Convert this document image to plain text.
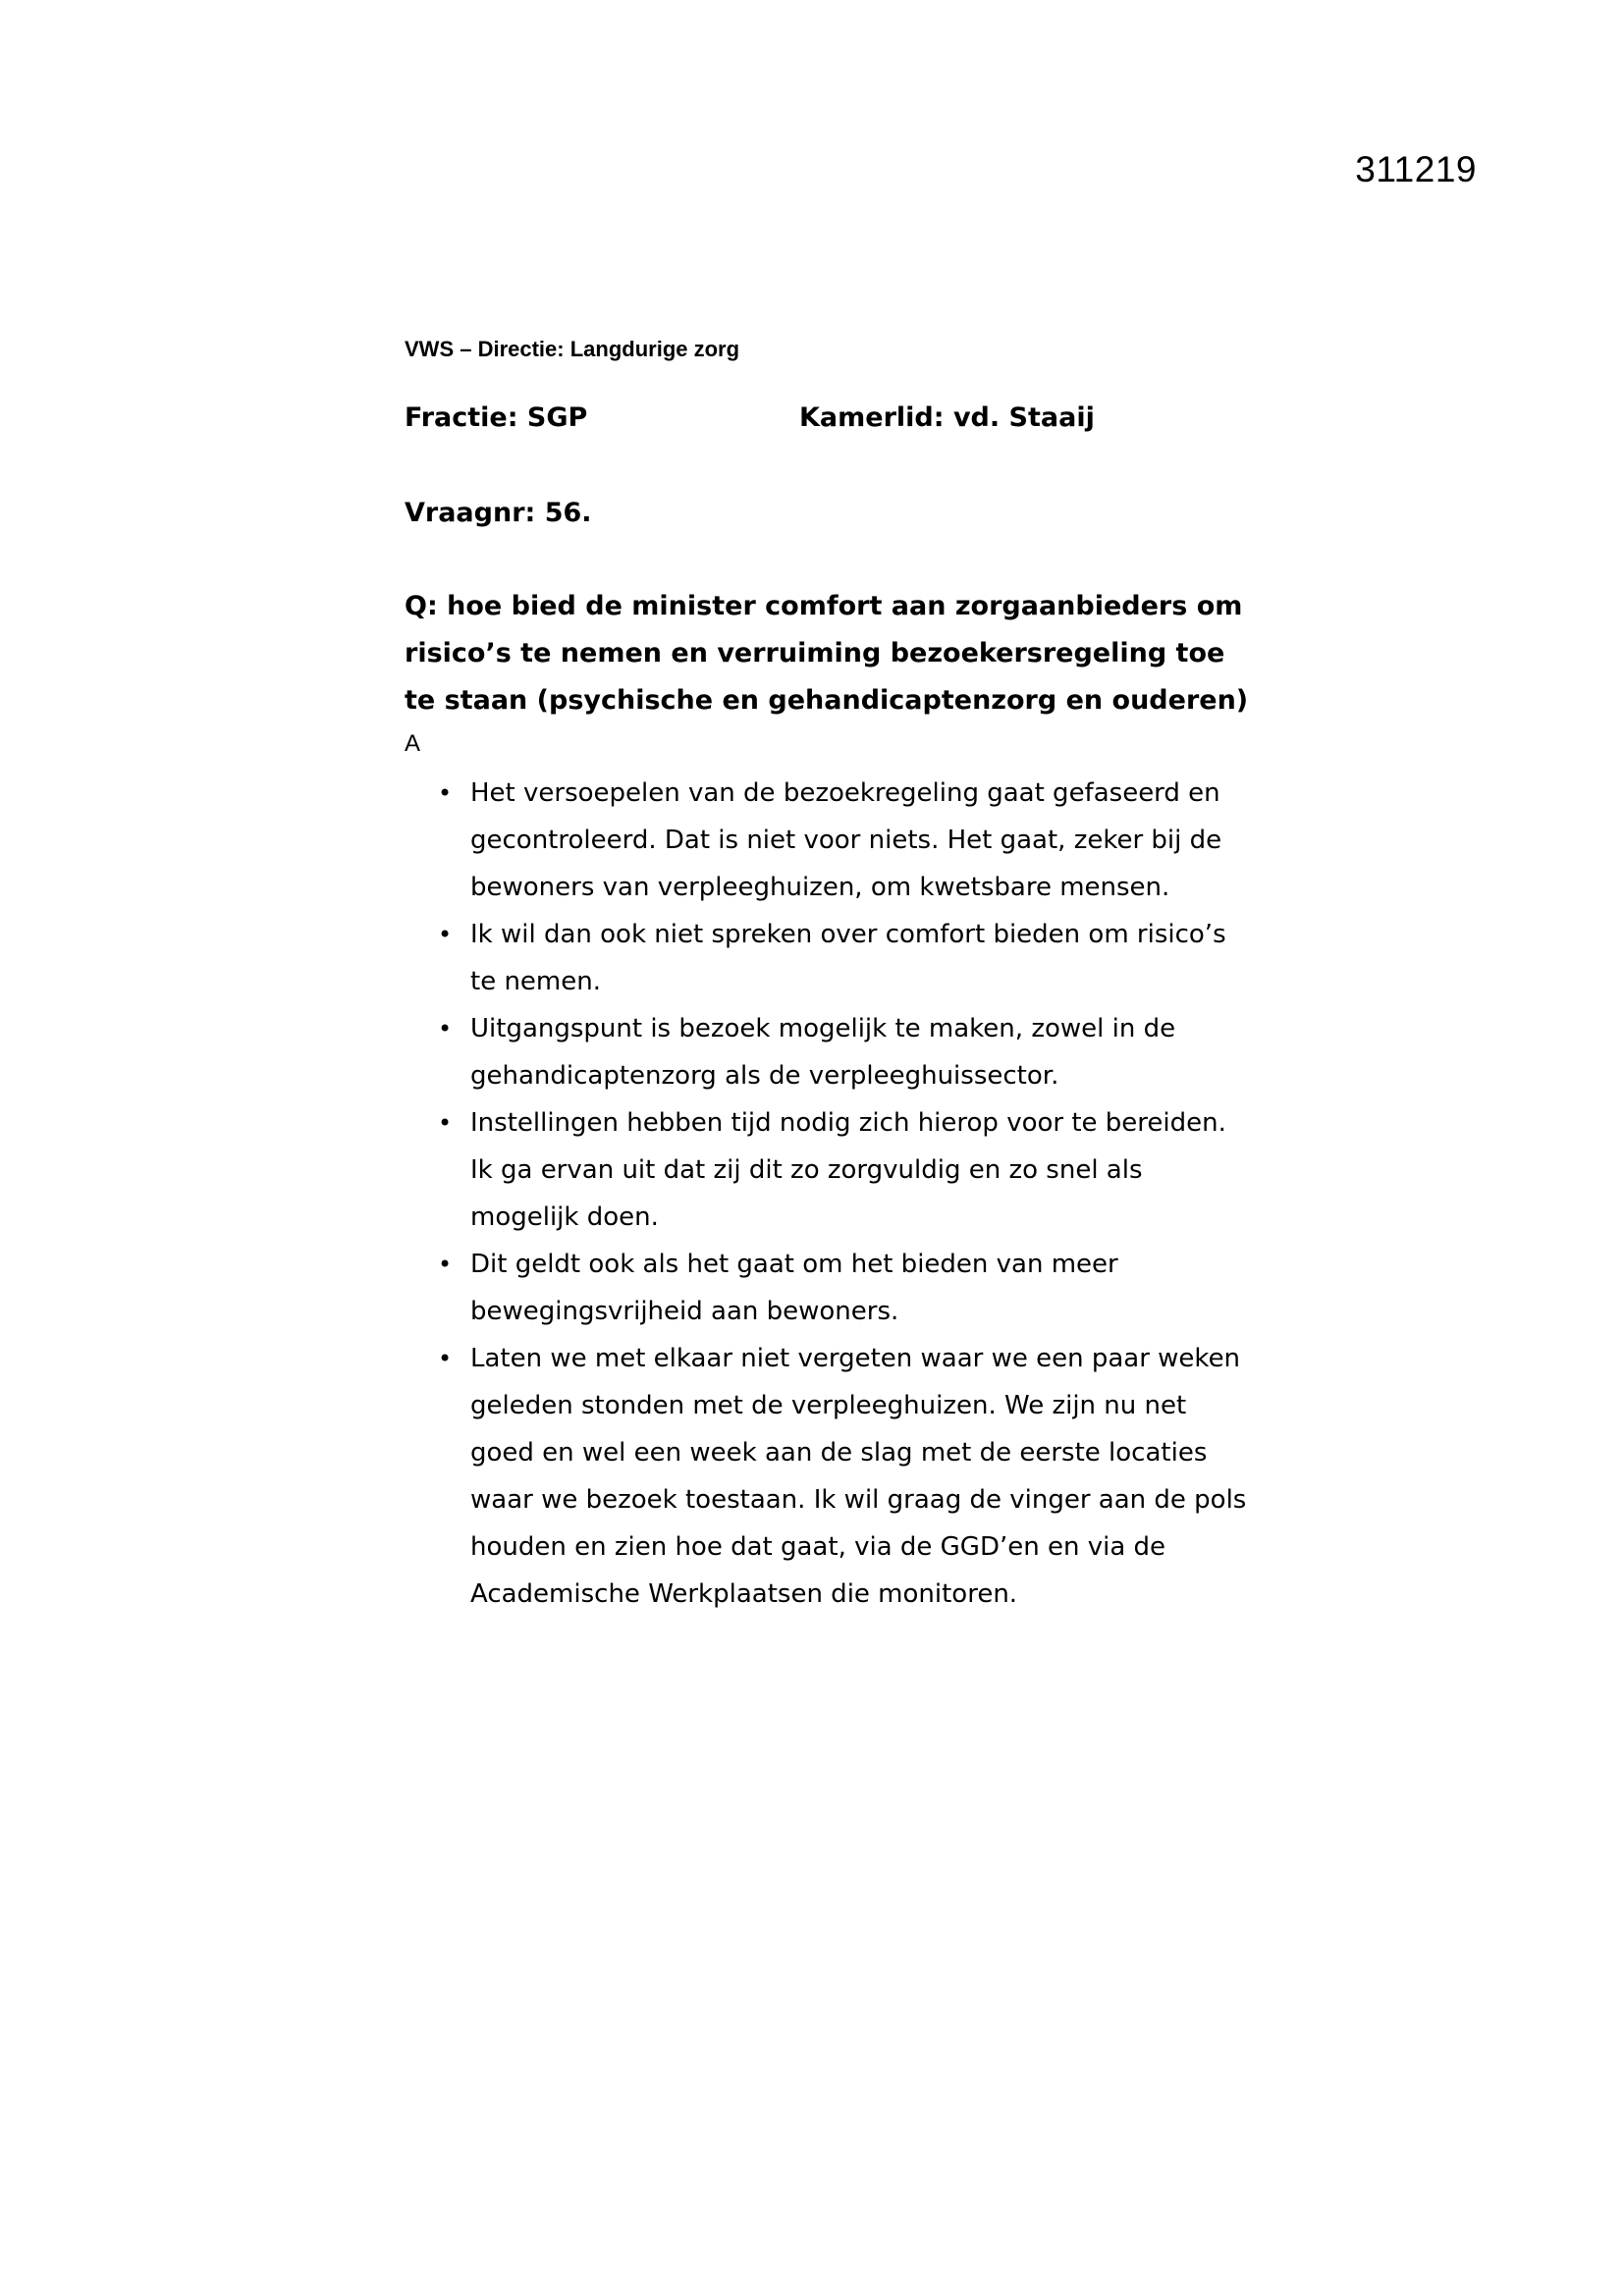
311219
VWS – Directie: Langdurige zorg
Fractie: SGP	Kamerlid: vd. Staaij
Vraagnr: 56.
Q: hoe bied de minister comfort aan zorgaanbieders om risico’s te nemen en verruiming bezoekersregeling toe te staan (psychische en gehandicaptenzorg en ouderen)
A
• Het versoepelen van de bezoekregeling gaat gefaseerd en gecontroleerd. Dat is niet voor niets. Het gaat, zeker bij de bewoners van verpleeghuizen, om kwetsbare mensen.
• Ik wil dan ook niet spreken over comfort bieden om risico’s te nemen.
• Uitgangspunt is bezoek mogelijk te maken, zowel in de gehandicaptenzorg als de verpleeghuissector.
• Instellingen hebben tijd nodig zich hierop voor te bereiden. Ik ga ervan uit dat zij dit zo zorgvuldig en zo snel als mogelijk doen.
• Dit geldt ook als het gaat om het bieden van meer bewegingsvrijheid aan bewoners.
• Laten we met elkaar niet vergeten waar we een paar weken geleden stonden met de verpleeghuizen. We zijn nu net goed en wel een week aan de slag met de eerste locaties waar we bezoek toestaan. Ik wil graag de vinger aan de pols houden en zien hoe dat gaat, via de GGD’en en via de Academische Werkplaatsen die monitoren.
